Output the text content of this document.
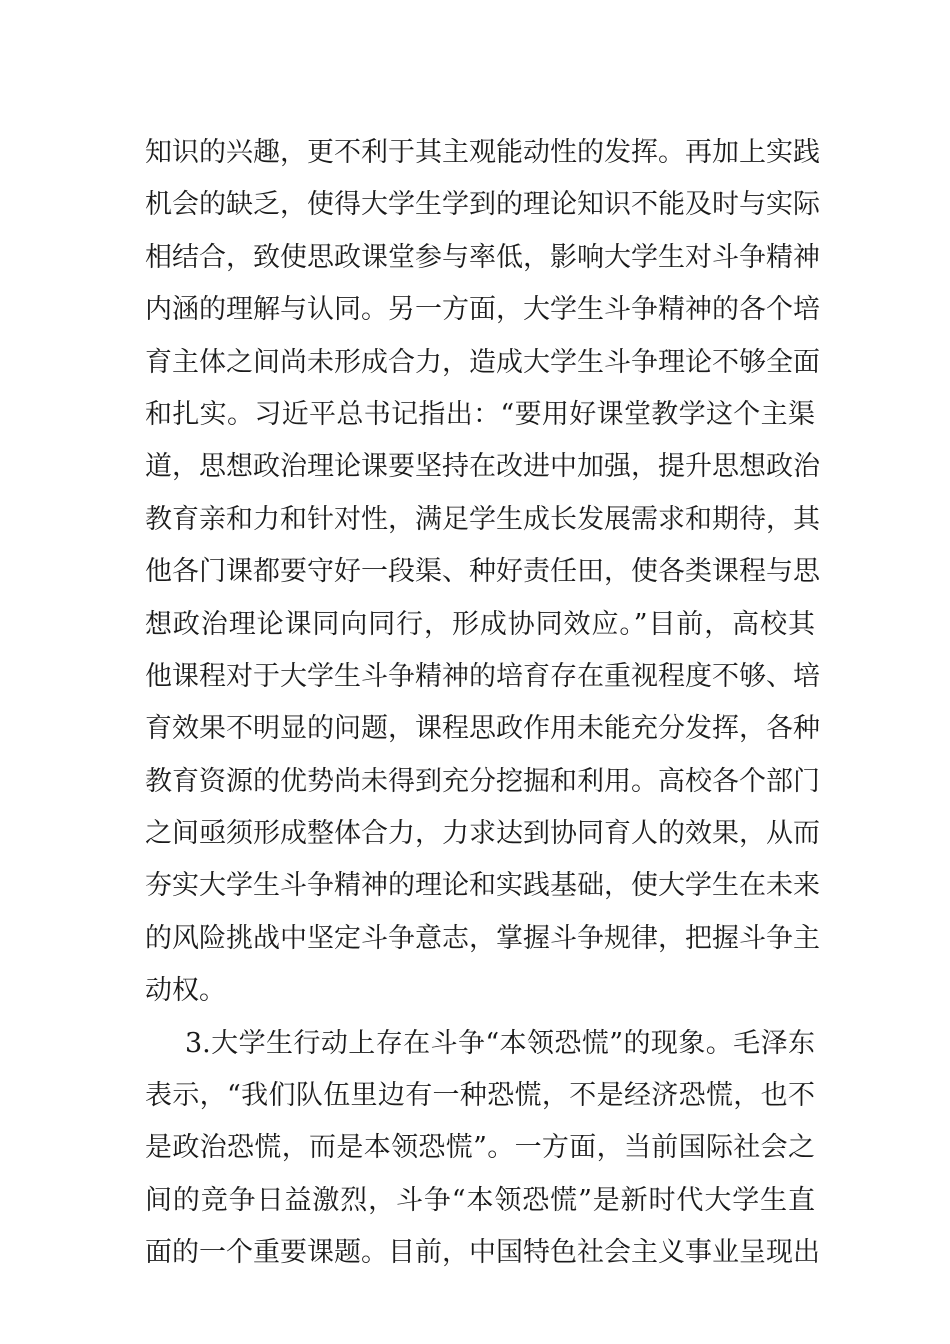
知识的兴趣，更不利于其主观能动性的发挥。再加上实践
机会的缺乏，使得大学生学到的理论知识不能及时与实际
相结合，致使思政课堂参与率低，影响大学生对斗争精神
内涵的理解与认同。另一方面，大学生斗争精神的各个培
育主体之间尚未形成合力，造成大学生斗争理论不够全面
和扎实。习近平总书记指出：“要用好课堂教学这个主渠
道，思想政治理论课要坚持在改进中加强，提升思想政治
教育亲和力和针对性，满足学生成长发展需求和期待，其
他各门课都要守好一段渠、种好责任田，使各类课程与思
想政治理论课同向同行，形成协同效应。”目前，高校其
他课程对于大学生斗争精神的培育存在重视程度不够、培
育效果不明显的问题，课程思政作用未能充分发挥，各种
教育资源的优势尚未得到充分挖掘和利用。高校各个部门
之间亟须形成整体合力，力求达到协同育人的效果，从而
夯实大学生斗争精神的理论和实践基础，使大学生在未来
的风险挑战中坚定斗争意志，掌握斗争规律，把握斗争主
动权。
3.大学生行动上存在斗争“本领恐慌”的现象。毛泽东
表示，“我们队伍里边有一种恐慌，不是经济恐慌，也不
是政治恐慌，而是本领恐慌”。一方面，当前国际社会之
间的竞争日益激烈，斗争“本领恐慌”是新时代大学生直
面的一个重要课题。目前，中国特色社会主义事业呈现出
